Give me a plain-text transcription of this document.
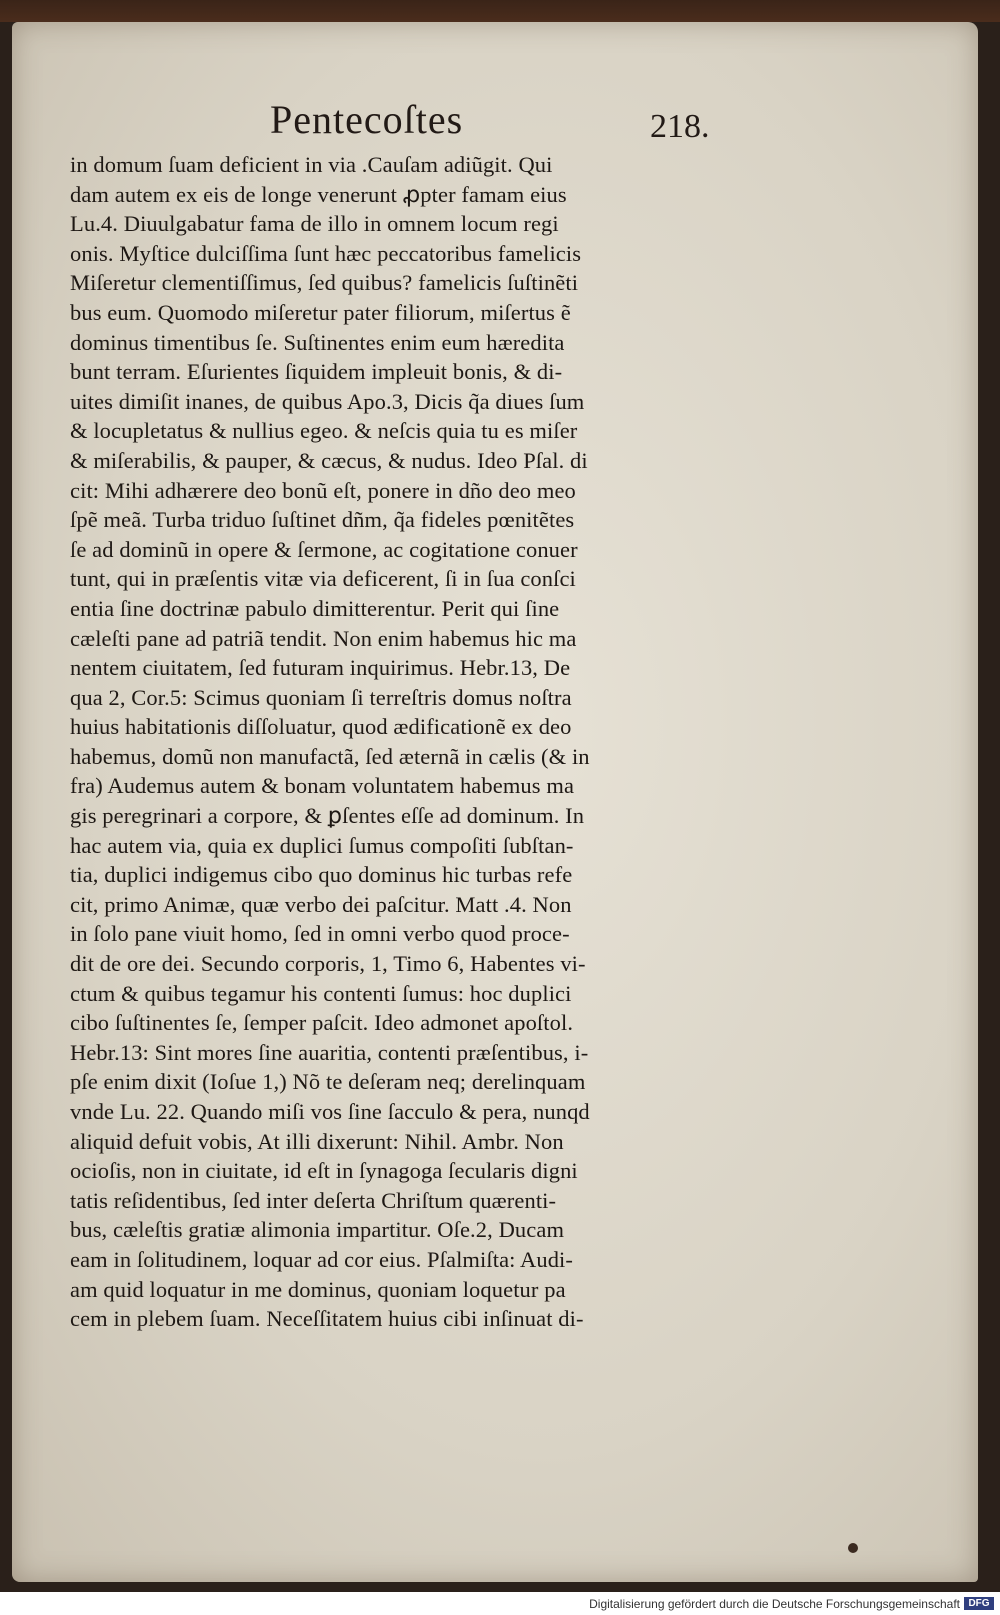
Pentecoſtes	218.
in domum ſuam deficient in via .Cauſam adiũgit. Qui
dam autem ex eis de longe venerunt ꝓpter famam eius
Lu.4. Diuulgabatur fama de illo in omnem locum regi
onis. Myſtice dulciſſima ſunt hæc peccatoribus famelicis
Miſeretur clementiſſimus, ſed quibus? famelicis ſuſtinẽti
bus eum. Quomodo miſeretur pater filiorum, miſertus ẽ
dominus timentibus ſe. Suſtinentes enim eum hæredita
bunt terram. Eſurientes ſiquidem impleuit bonis, & di-
uites dimiſit inanes, de quibus Apo.3, Dicis q̃a diues ſum
& locupletatus & nullius egeo. & neſcis quia tu es miſer
& miſerabilis, & pauper, & cæcus, & nudus. Ideo Pſal. di
cit: Mihi adhærere deo bonũ eſt, ponere in dño deo meo
ſpẽ meã. Turba triduo ſuſtinet dñm, q̃a fideles pœnitẽtes
ſe ad dominũ in opere & ſermone, ac cogitatione conuer
tunt, qui in præſentis vitæ via deficerent, ſi in ſua conſci
entia ſine doctrinæ pabulo dimitterentur. Perit qui ſine
cæleſti pane ad patriã tendit. Non enim habemus hic ma
nentem ciuitatem, ſed futuram inquirimus. Hebr.13, De
qua 2, Cor.5: Scimus quoniam ſi terreſtris domus noſtra
huius habitationis diſſoluatur, quod ædificationẽ ex deo
habemus, domũ non manufactã, ſed æternã in cælis (& in
fra) Audemus autem & bonam voluntatem habemus ma
gis peregrinari a corpore, & ꝑſentes eſſe ad dominum. In
hac autem via, quia ex duplici ſumus compoſiti ſubſtan-
tia, duplici indigemus cibo quo dominus hic turbas refe
cit, primo Animæ, quæ verbo dei paſcitur. Matt .4. Non
in ſolo pane viuit homo, ſed in omni verbo quod proce-
dit de ore dei. Secundo corporis, 1, Timo 6, Habentes vi-
ctum & quibus tegamur his contenti ſumus: hoc duplici
cibo ſuſtinentes ſe, ſemper paſcit. Ideo admonet apoſtol.
Hebr.13: Sint mores ſine auaritia, contenti præſentibus, i-
pſe enim dixit (Ioſue 1,) Nõ te deſeram neq; derelinquam
vnde Lu. 22. Quando miſi vos ſine ſacculo & pera, nunqd
aliquid defuit vobis, At illi dixerunt: Nihil. Ambr. Non
ocioſis, non in ciuitate, id eſt in ſynagoga ſecularis digni
tatis reſidentibus, ſed inter deſerta Chriſtum quærenti-
bus, cæleſtis gratiæ alimonia impartitur. Oſe.2, Ducam
eam in ſolitudinem, loquar ad cor eius. Pſalmiſta: Audi-
am quid loquatur in me dominus, quoniam loquetur pa
cem in plebem ſuam. Neceſſitatem huius cibi inſinuat di-
Digitalisierung gefördert durch die Deutsche Forschungsgemeinschaft DFG
